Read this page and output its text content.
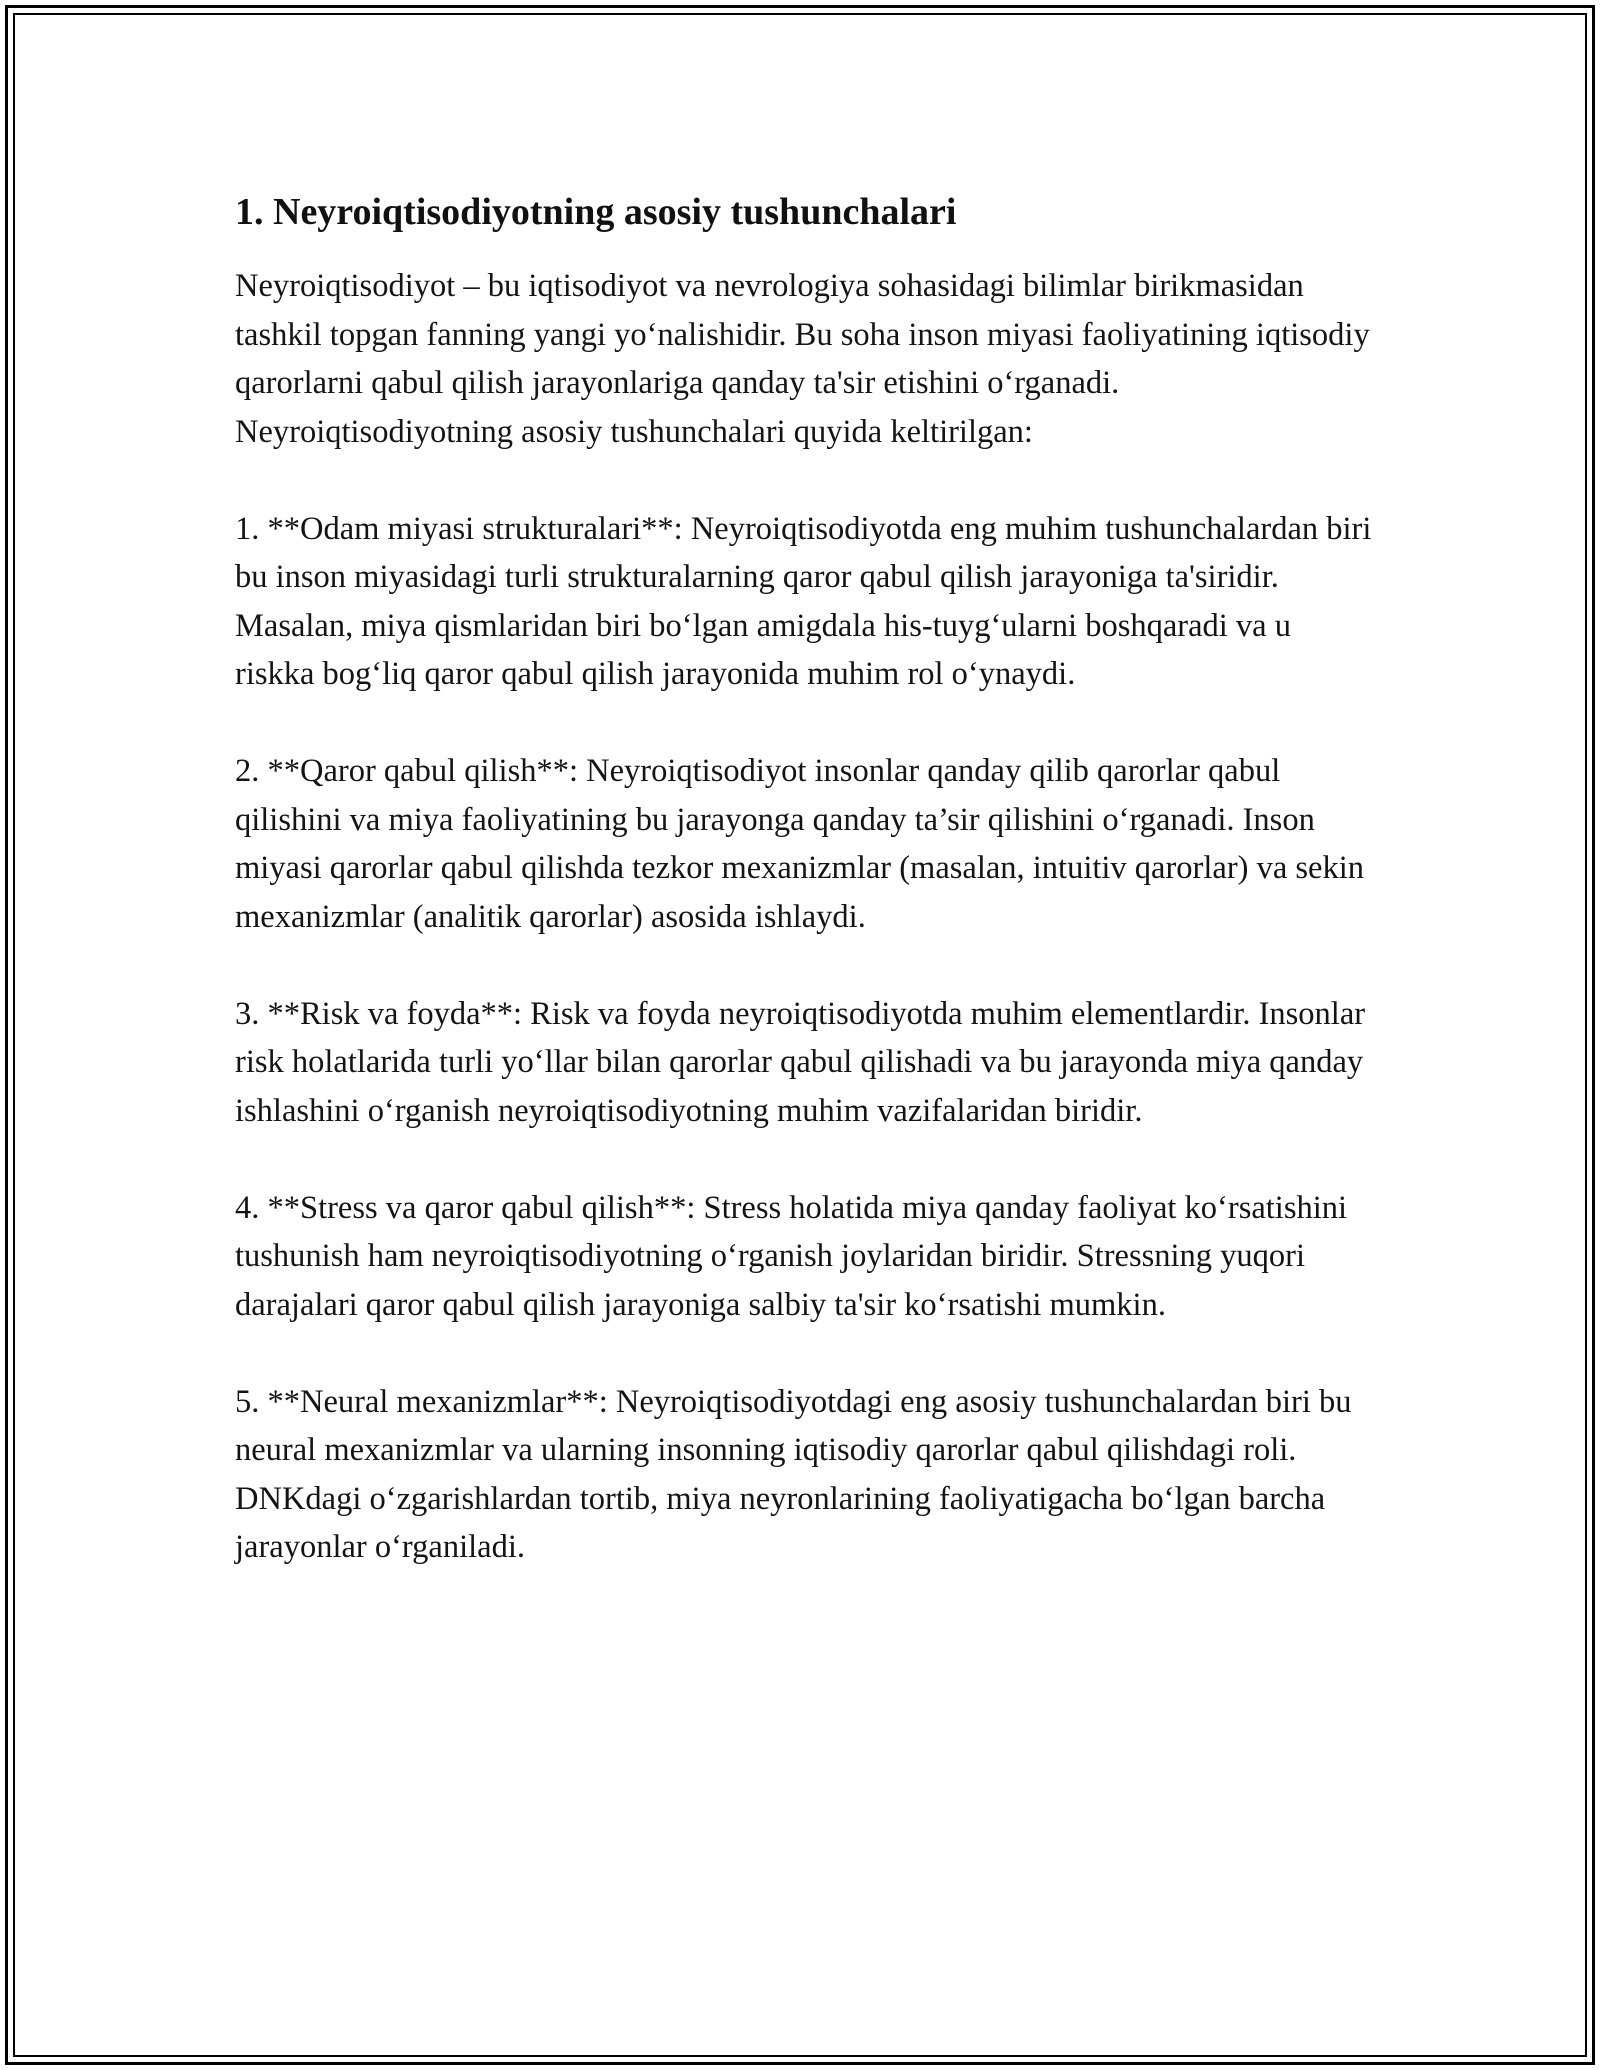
1. Neyroiqtisodiyotning asosiy tushunchalari

Neyroiqtisodiyot – bu iqtisodiyot va nevrologiya sohasidagi bilimlar birikmasidan tashkil topgan fanning yangi yo‘nalishidir. Bu soha inson miyasi faoliyatining iqtisodiy qarorlarni qabul qilish jarayonlariga qanday ta'sir etishini o‘rganadi. Neyroiqtisodiyotning asosiy tushunchalari quyida keltirilgan:

1. **Odam miyasi strukturalari**: Neyroiqtisodiyotda eng muhim tushunchalardan biri bu inson miyasidagi turli strukturalarning qaror qabul qilish jarayoniga ta'siridir. Masalan, miya qismlaridan biri bo‘lgan amigdala his-tuyg‘ularni boshqaradi va u riskka bog‘liq qaror qabul qilish jarayonida muhim rol o‘ynaydi.

2. **Qaror qabul qilish**: Neyroiqtisodiyot insonlar qanday qilib qarorlar qabul qilishini va miya faoliyatining bu jarayonga qanday ta’sir qilishini o‘rganadi. Inson miyasi qarorlar qabul qilishda tezkor mexanizmlar (masalan, intuitiv qarorlar) va sekin mexanizmlar (analitik qarorlar) asosida ishlaydi.

3. **Risk va foyda**: Risk va foyda neyroiqtisodiyotda muhim elementlardir. Insonlar risk holatlarida turli yo‘llar bilan qarorlar qabul qilishadi va bu jarayonda miya qanday ishlashini o‘rganish neyroiqtisodiyotning muhim vazifalaridan biridir.

4. **Stress va qaror qabul qilish**: Stress holatida miya qanday faoliyat ko‘rsatishini tushunish ham neyroiqtisodiyotning o‘rganish joylaridan biridir. Stressning yuqori darajalari qaror qabul qilish jarayoniga salbiy ta'sir ko‘rsatishi mumkin.

5. **Neural mexanizmlar**: Neyroiqtisodiyotdagi eng asosiy tushunchalardan biri bu neural mexanizmlar va ularning insonning iqtisodiy qarorlar qabul qilishdagi roli. DNKdagi o‘zgarishlardan tortib, miya neyronlarining faoliyatigacha bo‘lgan barcha jarayonlar o‘rganiladi.
